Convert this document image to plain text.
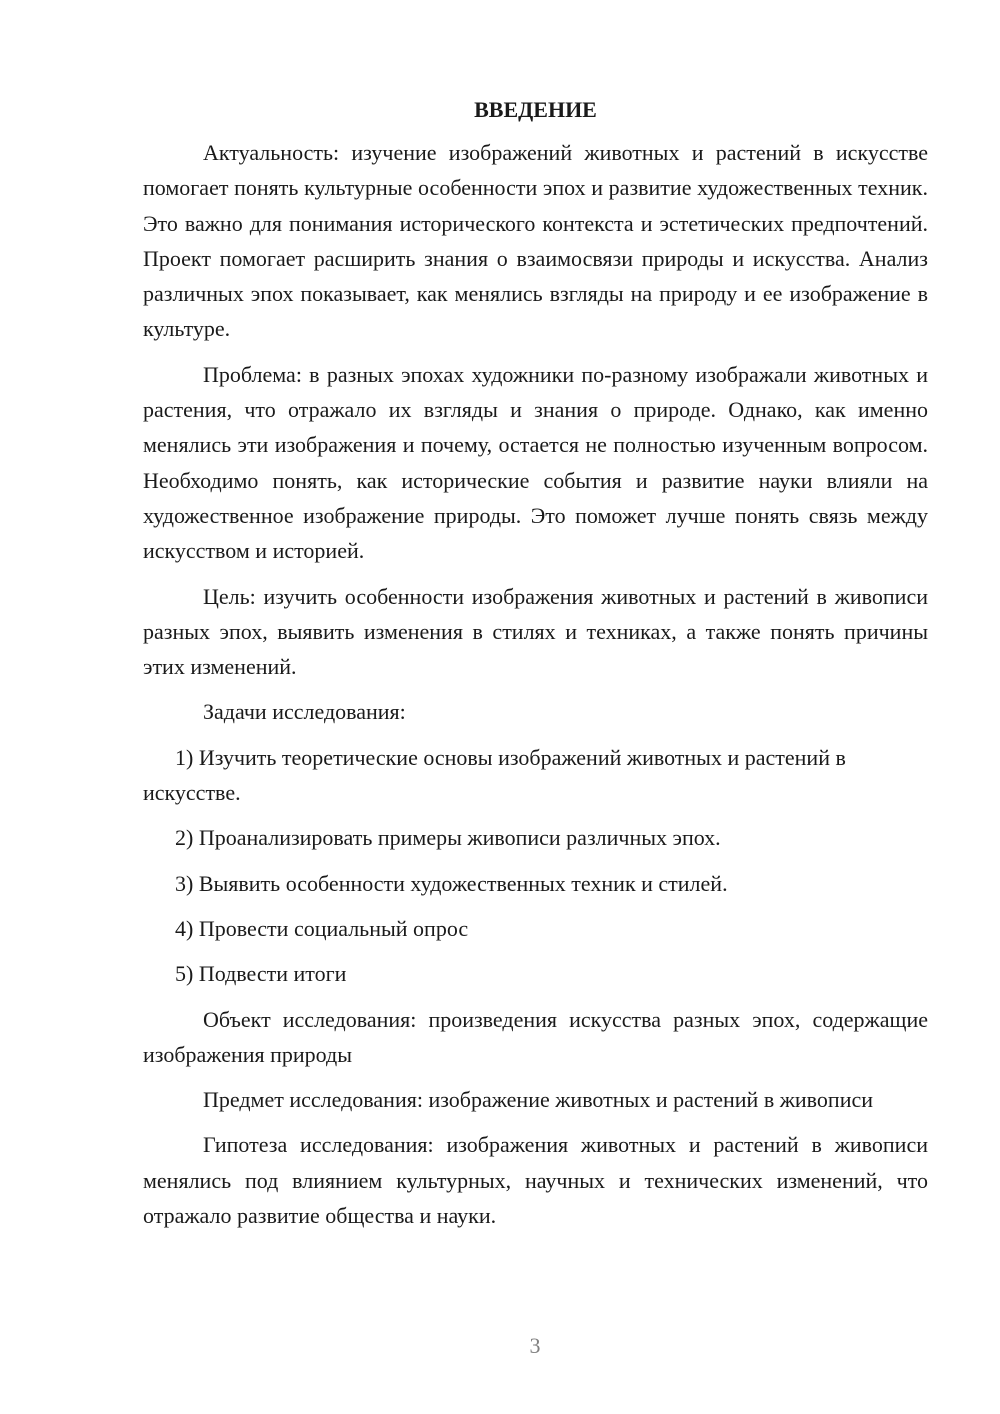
ВВЕДЕНИЕ

Актуальность: изучение изображений животных и растений в искусстве помогает понять культурные особенности эпох и развитие художественных техник. Это важно для понимания исторического контекста и эстетических предпочтений. Проект помогает расширить знания о взаимосвязи природы и искусства. Анализ различных эпох показывает, как менялись взгляды на природу и ее изображение в культуре.

Проблема: в разных эпохах художники по-разному изображали животных и растения, что отражало их взгляды и знания о природе. Однако, как именно менялись эти изображения и почему, остается не полностью изученным вопросом. Необходимо понять, как исторические события и развитие науки влияли на художественное изображение природы. Это поможет лучше понять связь между искусством и историей.

Цель: изучить особенности изображения животных и растений в живописи разных эпох, выявить изменения в стилях и техниках, а также понять причины этих изменений.

Задачи исследования:

1) Изучить теоретические основы изображений животных и растений в искусстве.

2) Проанализировать примеры живописи различных эпох.

3) Выявить особенности художественных техник и стилей.

4) Провести социальный опрос

5) Подвести итоги

Объект исследования: произведения искусства разных эпох, содержащие изображения природы

Предмет исследования: изображение животных и растений в живописи

Гипотеза исследования: изображения животных и растений в живописи менялись под влиянием культурных, научных и технических изменений, что отражало развитие общества и науки.

3
